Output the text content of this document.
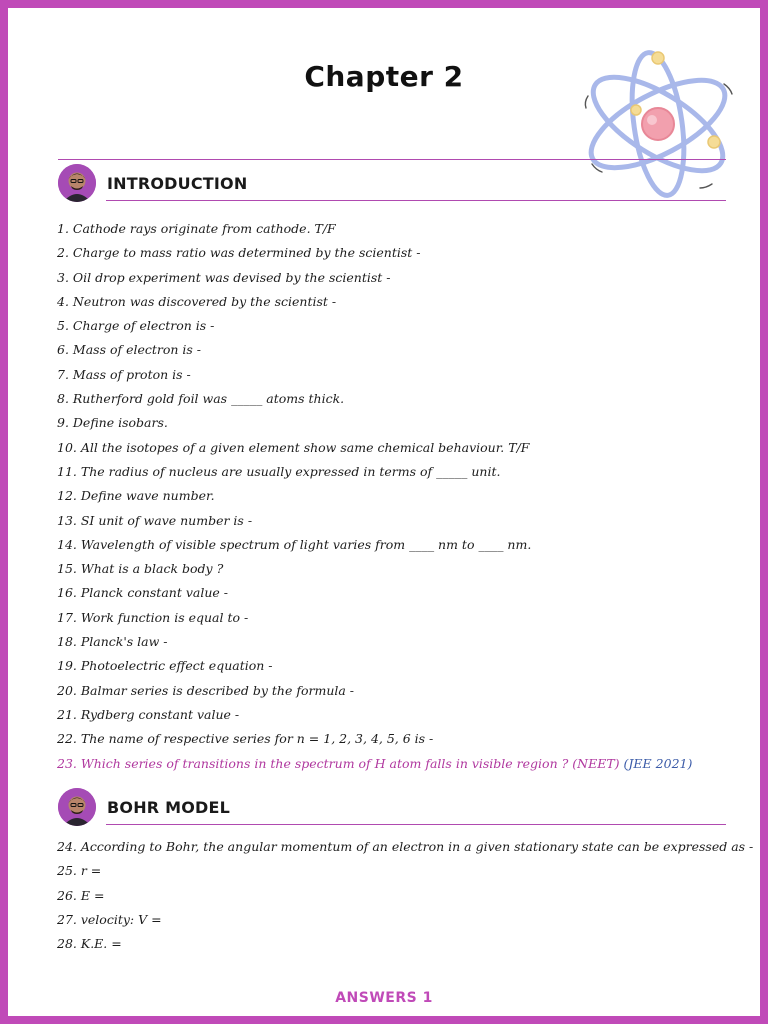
Chapter 2
INTRODUCTION
1. Cathode rays originate from cathode. T/F
2. Charge to mass ratio was determined by the scientist -
3. Oil drop experiment was devised by the scientist -
4. Neutron was discovered by the scientist -
5. Charge of electron is -
6. Mass of electron is -
7. Mass of proton is -
8. Rutherford gold foil was _____ atoms thick.
9. Define isobars.
10. All the isotopes of a given element show same chemical behaviour. T/F
11. The radius of nucleus are usually expressed in terms of _____ unit.
12. Define wave number.
13. SI unit of wave number is -
14. Wavelength of visible spectrum of light varies from ____ nm to ____ nm.
15. What is a black body ?
16. Planck constant value -
17. Work function is equal to -
18. Planck's law -
19. Photoelectric effect equation -
20. Balmar series is described by the formula -
21. Rydberg constant value -
22. The name of respective series for n = 1, 2, 3, 4, 5, 6 is -
23. Which series of transitions in the spectrum of H atom falls in visible region ? (NEET) (JEE 2021)
BOHR MODEL
24. According to Bohr, the angular momentum of an electron in a given stationary state can be expressed as -
25. r =
26. E =
27. velocity: V =
28. K.E. =
ANSWERS 1
